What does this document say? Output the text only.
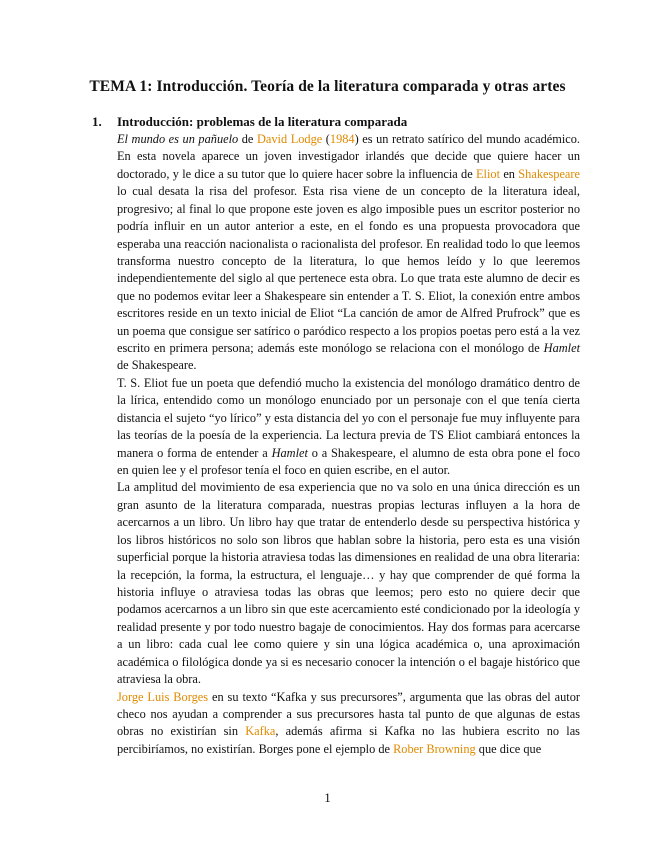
TEMA 1: Introducción. Teoría de la literatura comparada y otras artes
1. Introducción: problemas de la literatura comparada

El mundo es un pañuelo de David Lodge (1984) es un retrato satírico del mundo académico. En esta novela aparece un joven investigador irlandés que decide que quiere hacer un doctorado, y le dice a su tutor que lo quiere hacer sobre la influencia de Eliot en Shakespeare lo cual desata la risa del profesor. Esta risa viene de un concepto de la literatura ideal, progresivo; al final lo que propone este joven es algo imposible pues un escritor posterior no podría influir en un autor anterior a este, en el fondo es una propuesta provocadora que esperaba una reacción nacionalista o racionalista del profesor. En realidad todo lo que leemos transforma nuestro concepto de la literatura, lo que hemos leído y lo que leeremos independientemente del siglo al que pertenece esta obra. Lo que trata este alumno de decir es que no podemos evitar leer a Shakespeare sin entender a T. S. Eliot, la conexión entre ambos escritores reside en un texto inicial de Eliot “La canción de amor de Alfred Prufrock” que es un poema que consigue ser satírico o paródico respecto a los propios poetas pero está a la vez escrito en primera persona; además este monólogo se relaciona con el monólogo de Hamlet de Shakespeare.

T. S. Eliot fue un poeta que defendió mucho la existencia del monólogo dramático dentro de la lírica, entendido como un monólogo enunciado por un personaje con el que tenía cierta distancia el sujeto “yo lírico” y esta distancia del yo con el personaje fue muy influyente para las teorías de la poesía de la experiencia. La lectura previa de TS Eliot cambiará entonces la manera o forma de entender a Hamlet o a Shakespeare, el alumno de esta obra pone el foco en quien lee y el profesor tenía el foco en quien escribe, en el autor.

La amplitud del movimiento de esa experiencia que no va solo en una única dirección es un gran asunto de la literatura comparada, nuestras propias lecturas influyen a la hora de acercarnos a un libro. Un libro hay que tratar de entenderlo desde su perspectiva histórica y los libros históricos no solo son libros que hablan sobre la historia, pero esta es una visión superficial porque la historia atraviesa todas las dimensiones en realidad de una obra literaria: la recepción, la forma, la estructura, el lenguaje… y hay que comprender de qué forma la historia influye o atraviesa todas las obras que leemos; pero esto no quiere decir que podamos acercarnos a un libro sin que este acercamiento esté condicionado por la ideología y realidad presente y por todo nuestro bagaje de conocimientos. Hay dos formas para acercarse a un libro: cada cual lee como quiere y sin una lógica académica o, una aproximación académica o filológica donde ya si es necesario conocer la intención o el bagaje histórico que atraviesa la obra.

Jorge Luis Borges en su texto “Kafka y sus precursores”, argumenta que las obras del autor checo nos ayudan a comprender a sus precursores hasta tal punto de que algunas de estas obras no existirían sin Kafka, además afirma si Kafka no las hubiera escrito no las percibiríamos, no existirían. Borges pone el ejemplo de Rober Browning que dice que

1
